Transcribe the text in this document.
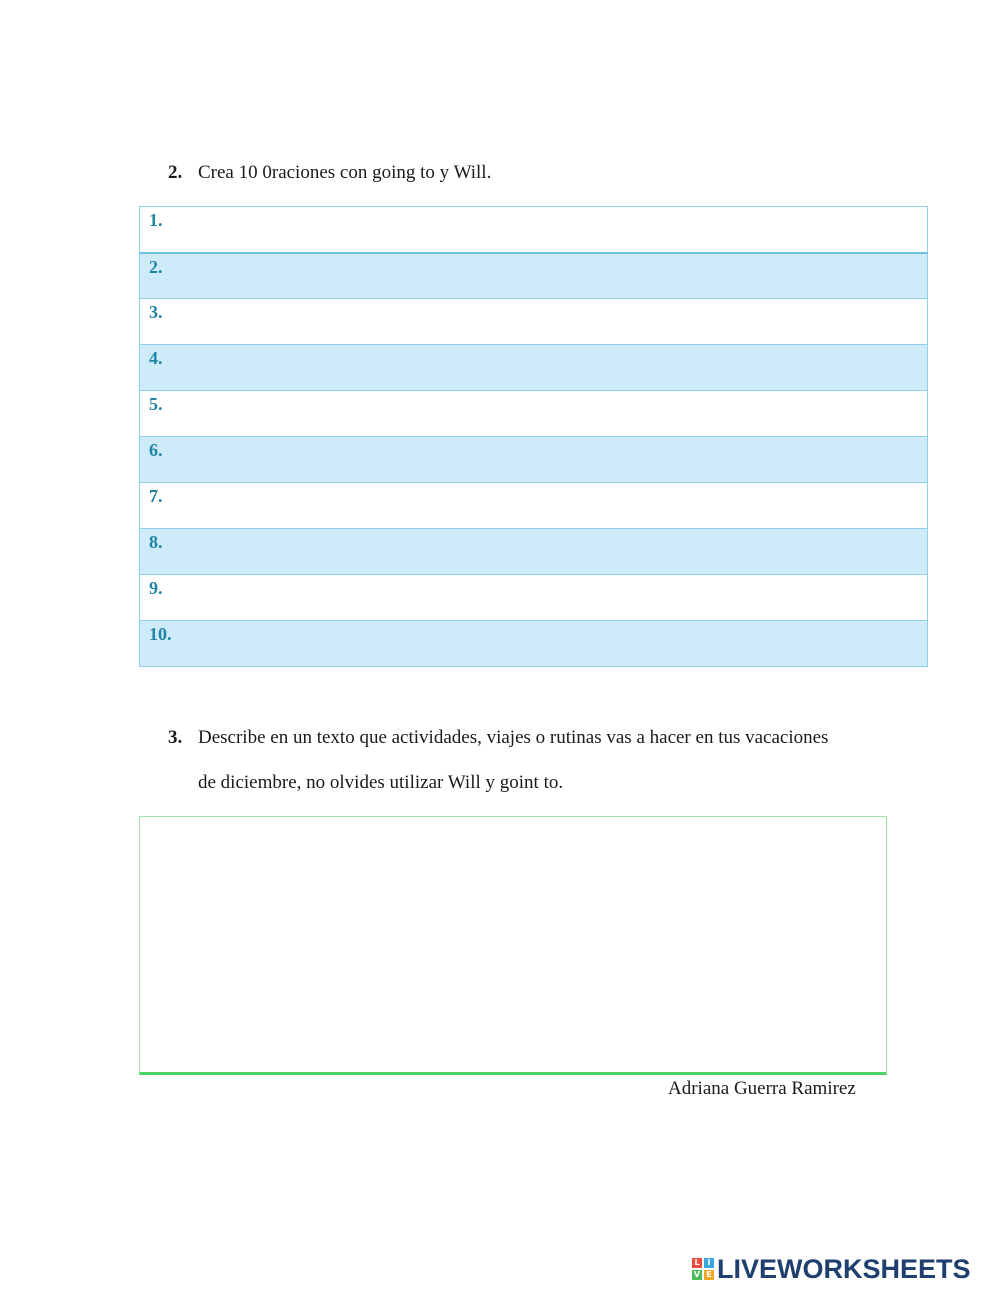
2. Crea 10 0raciones con going to y Will.
1.

2.

3.

4.

5.

6.

7.

8.

9.

10.
3. Describe en un texto que actividades, viajes o rutinas vas a hacer en tus vacaciones
de diciembre, no olvides utilizar Will y goint to.
Adriana Guerra Ramirez
L I
V E LIVEWORKSHEETS
